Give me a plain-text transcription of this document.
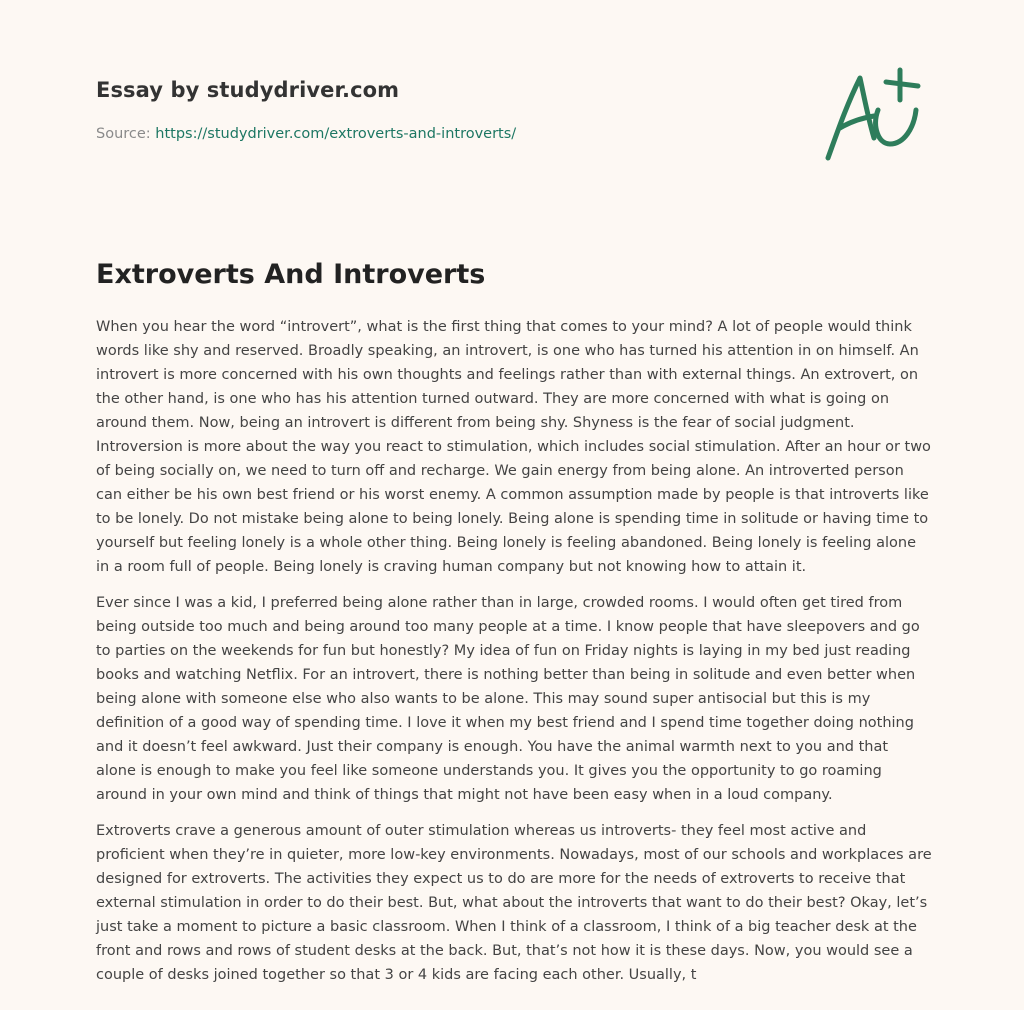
Essay by studydriver.com
Source: https://studydriver.com/extroverts-and-introverts/
Extroverts And Introverts

When you hear the word “introvert”, what is the first thing that comes to your mind? A lot of people would think words like shy and reserved. Broadly speaking, an introvert, is one who has turned his attention in on himself. An introvert is more concerned with his own thoughts and feelings rather than with external things. An extrovert, on the other hand, is one who has his attention turned outward. They are more concerned with what is going on around them. Now, being an introvert is different from being shy. Shyness is the fear of social judgment. Introversion is more about the way you react to stimulation, which includes social stimulation. After an hour or two of being socially on, we need to turn off and recharge. We gain energy from being alone. An introverted person can either be his own best friend or his worst enemy. A common assumption made by people is that introverts like to be lonely. Do not mistake being alone to being lonely. Being alone is spending time in solitude or having time to yourself but feeling lonely is a whole other thing. Being lonely is feeling abandoned. Being lonely is feeling alone in a room full of people. Being lonely is craving human company but not knowing how to attain it.

Ever since I was a kid, I preferred being alone rather than in large, crowded rooms. I would often get tired from being outside too much and being around too many people at a time. I know people that have sleepovers and go to parties on the weekends for fun but honestly? My idea of fun on Friday nights is laying in my bed just reading books and watching Netflix. For an introvert, there is nothing better than being in solitude and even better when being alone with someone else who also wants to be alone. This may sound super antisocial but this is my definition of a good way of spending time. I love it when my best friend and I spend time together doing nothing and it doesn’t feel awkward. Just their company is enough. You have the animal warmth next to you and that alone is enough to make you feel like someone understands you. It gives you the opportunity to go roaming around in your own mind and think of things that might not have been easy when in a loud company.

Extroverts crave a generous amount of outer stimulation whereas us introverts- they feel most active and proficient when they’re in quieter, more low-key environments. Nowadays, most of our schools and workplaces are designed for extroverts. The activities they expect us to do are more for the needs of extroverts to receive that external stimulation in order to do their best. But, what about the introverts that want to do their best? Okay, let’s just take a moment to picture a basic classroom. When I think of a classroom, I think of a big teacher desk at the front and rows and rows of student desks at the back. But, that’s not how it is these days. Now, you would see a couple of desks joined together so that 3 or 4 kids are facing each other. Usually, t
